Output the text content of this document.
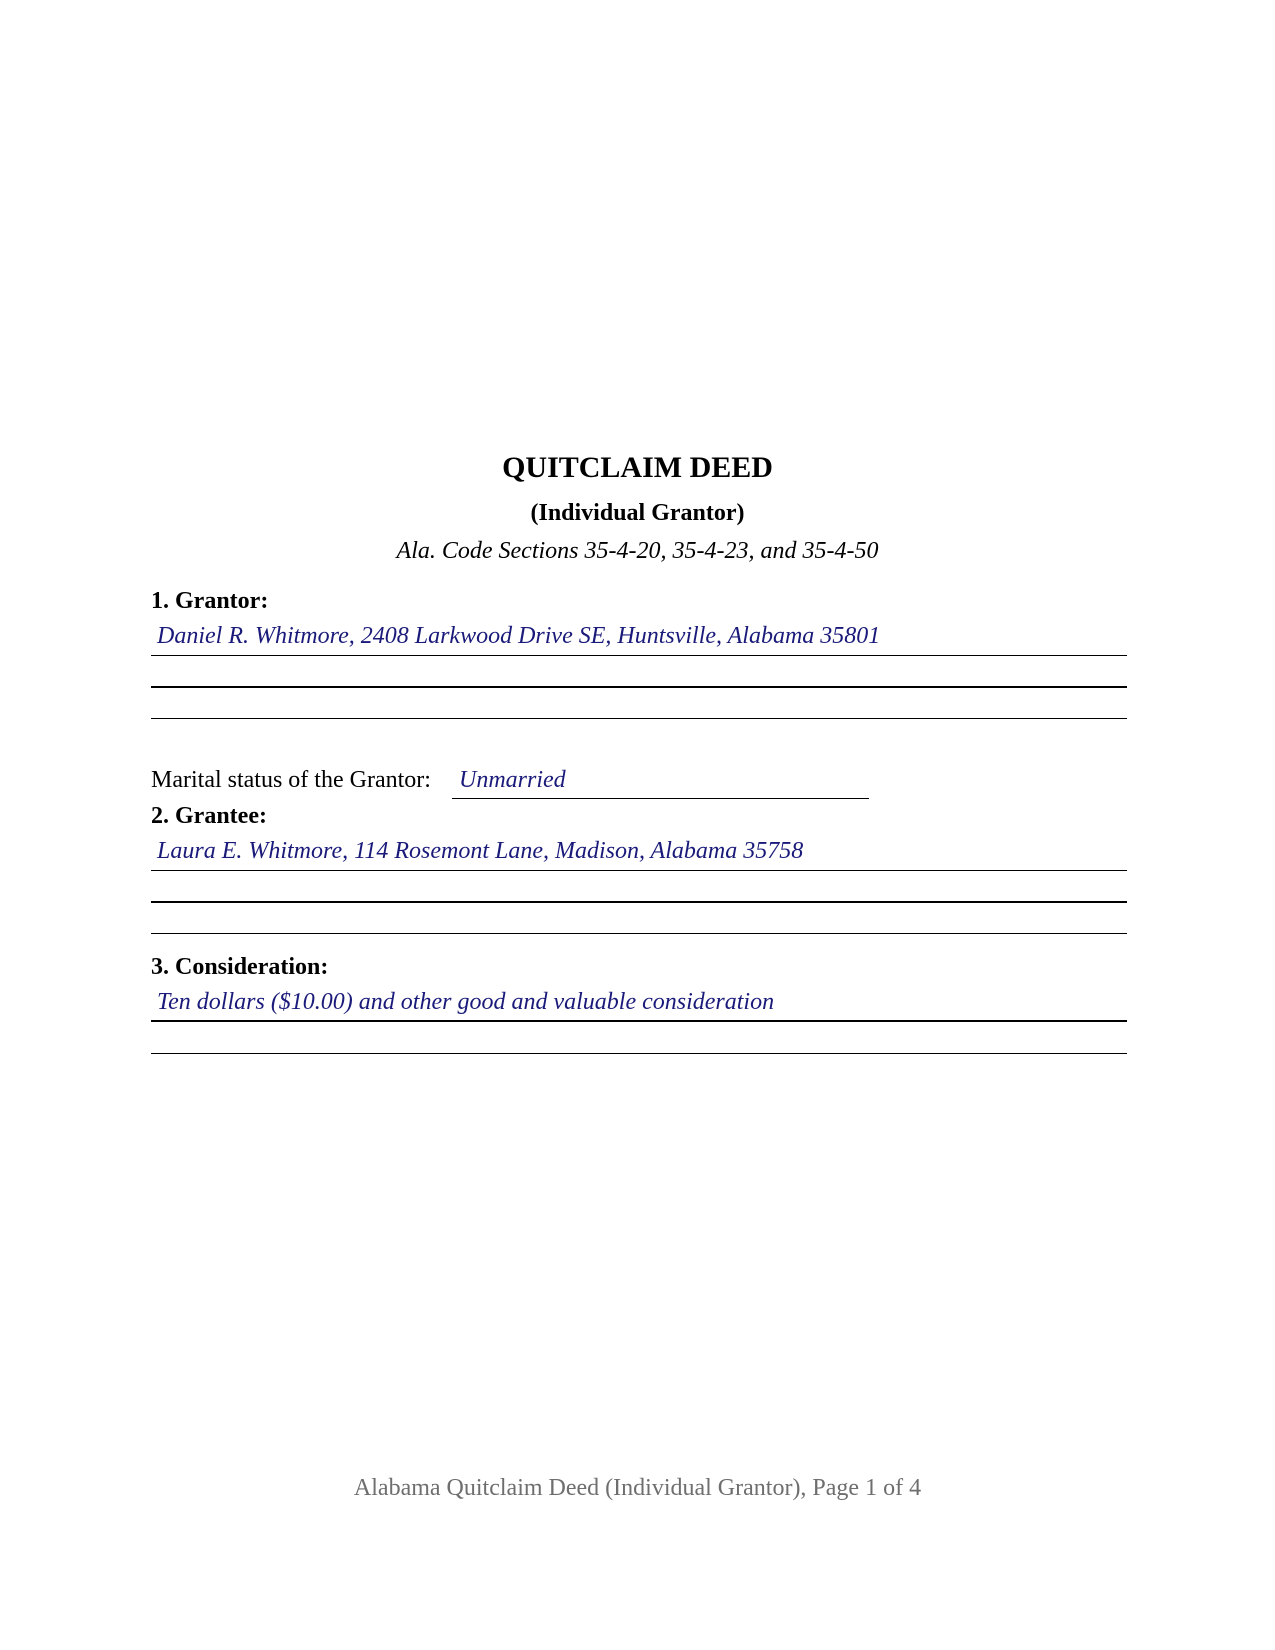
QUITCLAIM DEED
(Individual Grantor)
Ala. Code Sections 35-4-20, 35-4-23, and 35-4-50
1. Grantor:
Daniel R. Whitmore, 2408 Larkwood Drive SE, Huntsville, Alabama 35801
Marital status of the Grantor: Unmarried
2. Grantee:
Laura E. Whitmore, 114 Rosemont Lane, Madison, Alabama 35758
3. Consideration:
Ten dollars ($10.00) and other good and valuable consideration
Alabama Quitclaim Deed (Individual Grantor), Page 1 of 4
